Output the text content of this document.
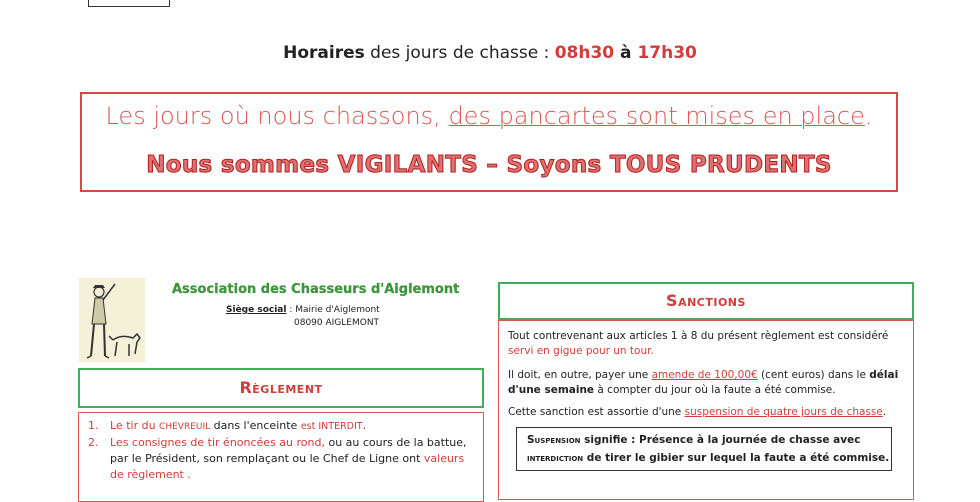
Horaires des jours de chasse : 08h30 à 17h30
Les jours où nous chassons, des pancartes sont mises en place.
Nous sommes VIGILANTS – Soyons TOUS PRUDENTS
Association des Chasseurs d'Aiglemont
Siège social : Mairie d'Aiglemont
08090 AIGLEMONT
Règlement
1. Le tir du CHEVREUIL dans l'enceinte est INTERDIT.
2. Les consignes de tir énoncées au rond, ou au cours de la battue,
par le Président, son remplaçant ou le Chef de Ligne ont valeurs
de règlement .
Sanctions
Tout contrevenant aux articles 1 à 8 du présent règlement est considéré
servi en gigue pour un tour.
Il doit, en outre, payer une amende de 100,00€ (cent euros) dans le délai
d'une semaine à compter du jour où la faute a été commise.
Cette sanction est assortie d'une suspension de quatre jours de chasse.
Suspension signifie : Présence à la journée de chasse avec
interdiction de tirer le gibier sur lequel la faute a été commise.
